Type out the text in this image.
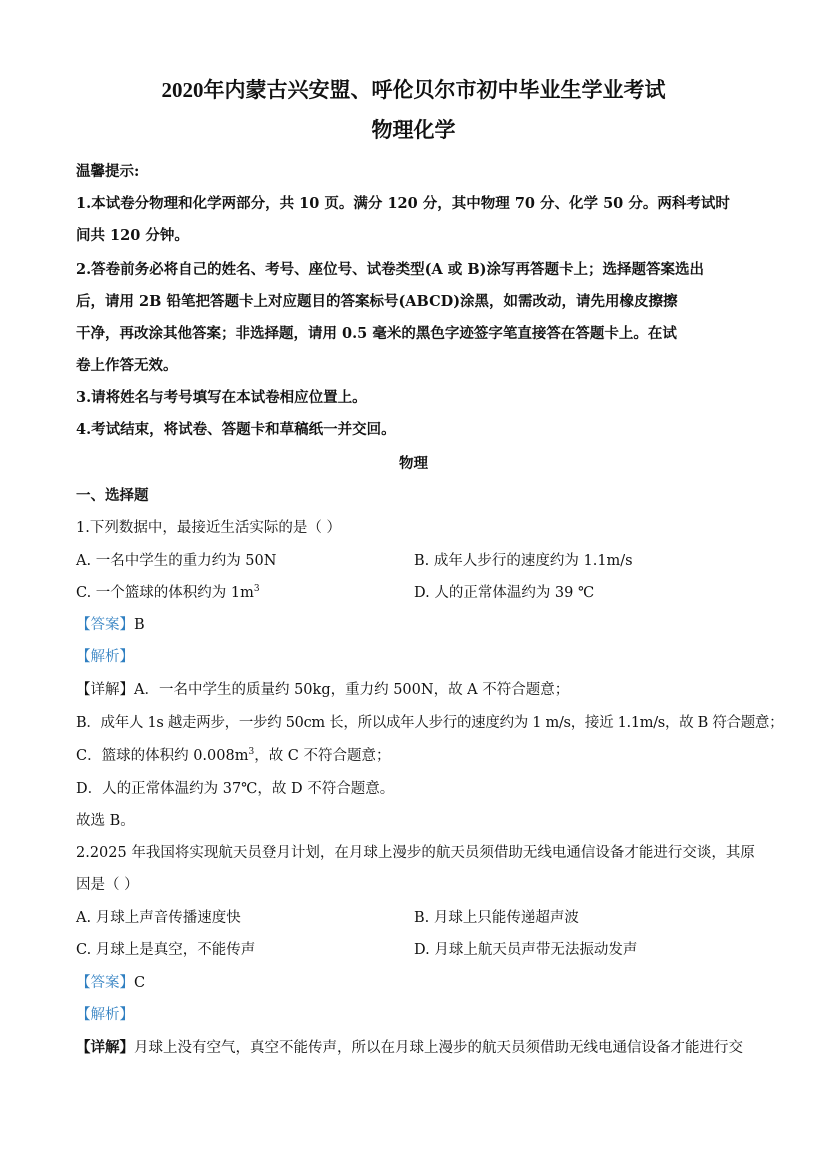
2020年内蒙古兴安盟、呼伦贝尔市初中毕业生学业考试
物理化学
温馨提示:
1.本试卷分物理和化学两部分，共 10 页。满分 120 分，其中物理 70 分、化学 50 分。两科考试时
间共 120 分钟。
2.答卷前务必将自己的姓名、考号、座位号、试卷类型(A 或 B)涂写再答题卡上；选择题答案选出
后，请用 2B 铅笔把答题卡上对应题目的答案标号(ABCD)涂黑，如需改动，请先用橡皮擦擦
干净，再改涂其他答案；非选择题，请用 0.5 毫米的黑色字迹签字笔直接答在答题卡上。在试
卷上作答无效。
3.请将姓名与考号填写在本试卷相应位置上。
4.考试结束，将试卷、答题卡和草稿纸一并交回。
物理
一、选择题
1.下列数据中，最接近生活实际的是（ ）
A. 一名中学生的重力约为 50N	B. 成年人步行的速度约为 1.1m/s
C. 一个篮球的体积约为 $1m^3$	D. 人的正常体温约为 39 ℃
【答案】B
【解析】
【详解】A．一名中学生的质量约 50kg，重力约 500N，故 A 不符合题意；
B．成年人 1s 越走两步，一步约 50cm 长，所以成年人步行的速度约为 1 m/s，接近 1.1m/s，故 B 符合题意；
C．篮球的体积约 $0.008m^3$，故 C 不符合题意；
D．人的正常体温约为 37℃，故 D 不符合题意。
故选 B。
2.2025 年我国将实现航天员登月计划，在月球上漫步的航天员须借助无线电通信设备才能进行交谈，其原
因是（ ）
A. 月球上声音传播速度快	B. 月球上只能传递超声波
C. 月球上是真空，不能传声	D. 月球上航天员声带无法振动发声
【答案】C
【解析】
【详解】月球上没有空气，真空不能传声，所以在月球上漫步的航天员须借助无线电通信设备才能进行交
